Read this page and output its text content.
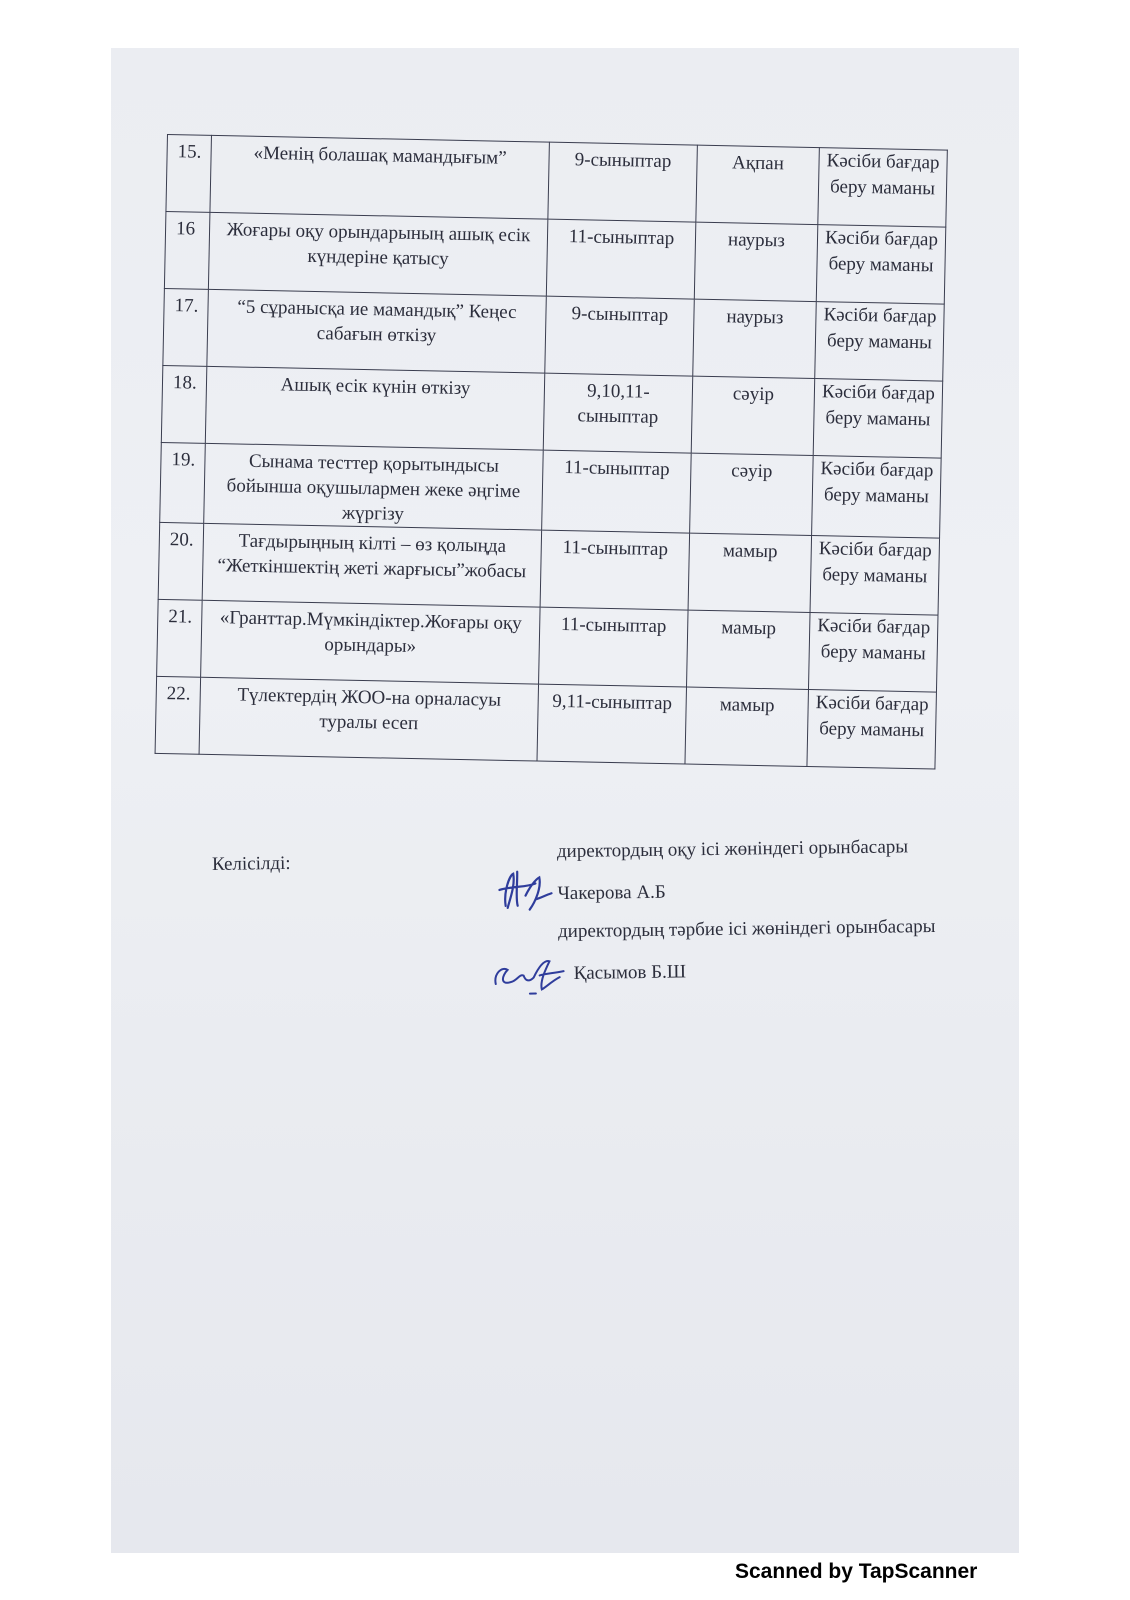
15.	«Менің болашақ мамандығым”	9-сыныптар	Ақпан	Кәсіби бағдар беру маманы
16	Жоғары оқу орындарының ашық есік күндеріне қатысу	11-сыныптар	наурыз	Кәсіби бағдар беру маманы
17.	“5 сұранысқа ие мамандық” Кеңес сабағын өткізу	9-сыныптар	наурыз	Кәсіби бағдар беру маманы
18.	Ашық есік күнін өткізу	9,10,11-сыныптар	сәуір	Кәсіби бағдар беру маманы
19.	Сынама тесттер қорытындысы бойынша оқушылармен жеке әңгіме жүргізу	11-сыныптар	сәуір	Кәсіби бағдар беру маманы
20.	Тағдырыңның кілті – өз қолыңда “Жеткіншектің жеті жарғысы”жобасы	11-сыныптар	мамыр	Кәсіби бағдар беру маманы
21.	«Гранттар.Мүмкіндіктер.Жоғары оқу орындары»	11-сыныптар	мамыр	Кәсіби бағдар беру маманы
22.	Түлектердің ЖОО-на орналасуы туралы есеп	9,11-сыныптар	мамыр	Кәсіби бағдар беру маманы
Келісілді:
директордың оқу ісі жөніндегі орынбасары
Чакерова А.Б
директордың тәрбие ісі жөніндегі орынбасары
Қасымов Б.Ш
Scanned by TapScanner
